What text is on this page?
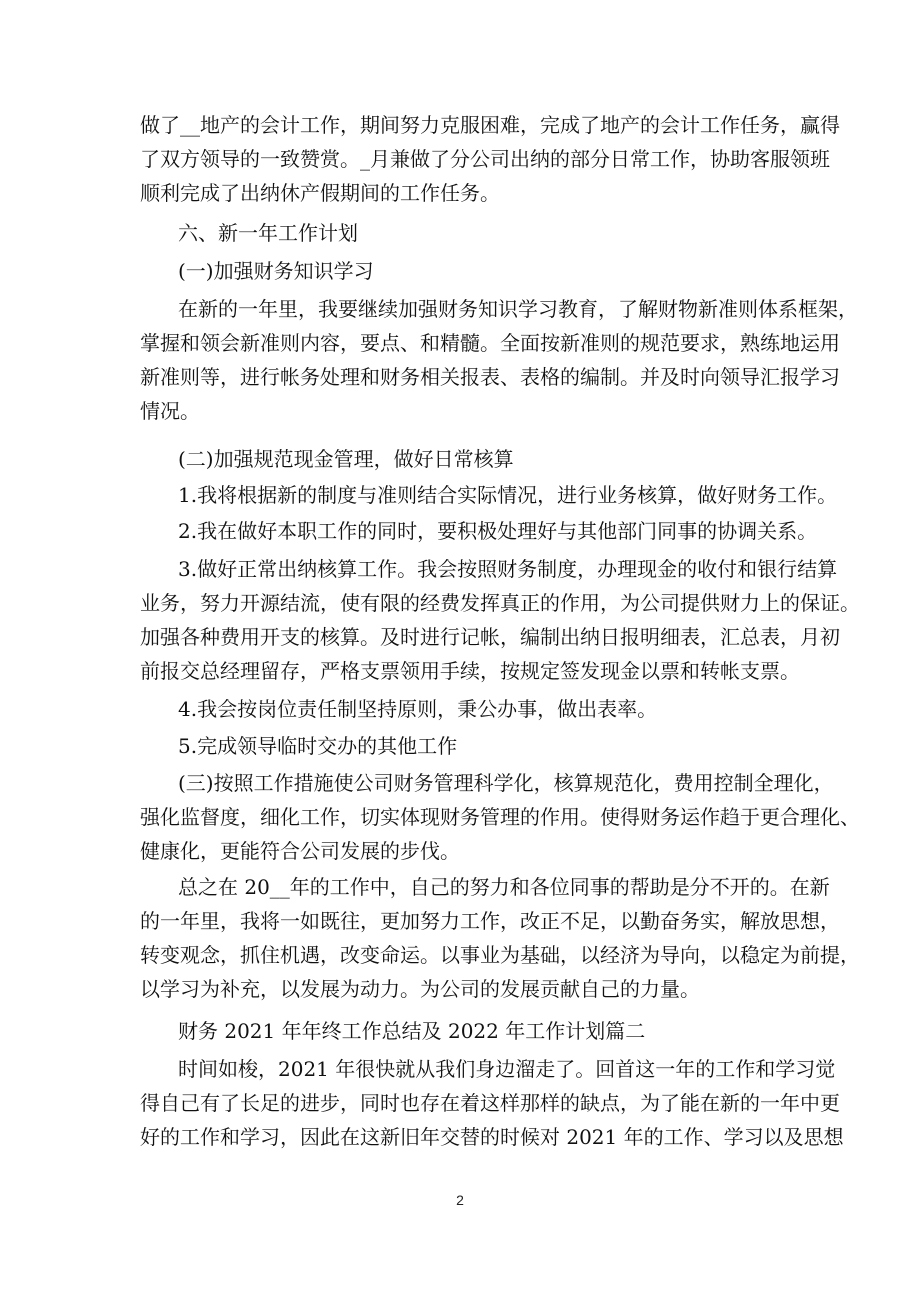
做了__地产的会计工作，期间努力克服困难，完成了地产的会计工作任务，赢得
了双方领导的一致赞赏。_月兼做了分公司出纳的部分日常工作，协助客服领班
顺利完成了出纳休产假期间的工作任务。
六、新一年工作计划
(一)加强财务知识学习
在新的一年里，我要继续加强财务知识学习教育，了解财物新准则体系框架，
掌握和领会新准则内容，要点、和精髓。全面按新准则的规范要求，熟练地运用
新准则等，进行帐务处理和财务相关报表、表格的编制。并及时向领导汇报学习
情况。
(二)加强规范现金管理，做好日常核算
1.我将根据新的制度与准则结合实际情况，进行业务核算，做好财务工作。
2.我在做好本职工作的同时，要积极处理好与其他部门同事的协调关系。
3.做好正常出纳核算工作。我会按照财务制度，办理现金的收付和银行结算
业务，努力开源结流，使有限的经费发挥真正的作用，为公司提供财力上的保证。
加强各种费用开支的核算。及时进行记帐，编制出纳日报明细表，汇总表，月初
前报交总经理留存，严格支票领用手续，按规定签发现金以票和转帐支票。
4.我会按岗位责任制坚持原则，秉公办事，做出表率。
5.完成领导临时交办的其他工作
(三)按照工作措施使公司财务管理科学化，核算规范化，费用控制全理化，
强化监督度，细化工作，切实体现财务管理的作用。使得财务运作趋于更合理化、
健康化，更能符合公司发展的步伐。
总之在 20__年的工作中，自己的努力和各位同事的帮助是分不开的。在新
的一年里，我将一如既往，更加努力工作，改正不足，以勤奋务实，解放思想，
转变观念，抓住机遇，改变命运。以事业为基础，以经济为导向，以稳定为前提，
以学习为补充，以发展为动力。为公司的发展贡献自己的力量。
财务 2021 年年终工作总结及 2022 年工作计划篇二
时间如梭，2021 年很快就从我们身边溜走了。回首这一年的工作和学习觉
得自己有了长足的进步，同时也存在着这样那样的缺点，为了能在新的一年中更
好的工作和学习，因此在这新旧年交替的时候对 2021 年的工作、学习以及思想
2
